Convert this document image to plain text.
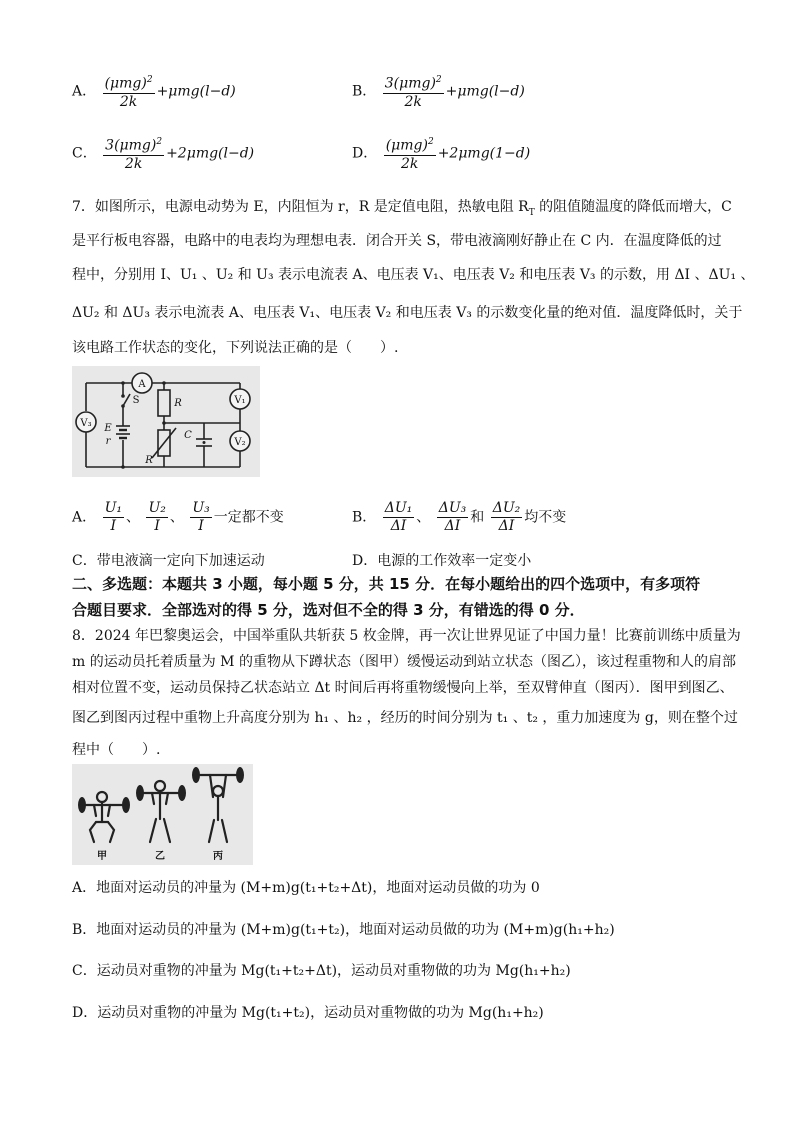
A． $\frac{(\mu mg)^2}{2k} +\mu mg(l-d)$	B． $\frac{3(\mu mg)^2}{2k} +\mu mg(l-d)$
C． $\frac{3(\mu mg)^2}{2k} +2\mu mg(l-d)$	D． $\frac{(\mu mg)^2}{2k} +2\mu mg(1-d)$
7．如图所示，电源电动势为 E，内阻恒为 r，R 是定值电阻，热敏电阻 $R_T$ 的阻值随温度的降低而增大，C
是平行板电容器，电路中的电表均为理想电表．闭合开关 S，带电液滴刚好静止在 C 内．在温度降低的过
程中，分别用 I、U₁ 、U₂ 和 U₃ 表示电流表 A、电压表 V₁、电压表 V₂ 和电压表 V₃ 的示数，用 ΔI 、ΔU₁ 、
ΔU₂ 和 ΔU₃ 表示电流表 A、电压表 V₁、电压表 V₂ 和电压表 V₃ 的示数变化量的绝对值．温度降低时，关于
该电路工作状态的变化，下列说法正确的是（　　）.
A
V₃
V₁
V₂
S
E
r
R
C
R
A． $\frac{\text{U₁}}{I}$ 、 $\frac{\text{U₂}}{I}$ 、 $\frac{\text{U₃}}{I}$ 一定都不变	B． $\frac{\text{ΔU₁}}{\Delta I}$ 、 $\frac{\text{ΔU₃}}{\Delta I}$ 和 $\frac{\text{ΔU₂}}{\Delta I}$ 均不变
C．带电液滴一定向下加速运动	D．电源的工作效率一定变小
二、多选题：本题共 3 小题，每小题 5 分，共 15 分．在每小题给出的四个选项中，有多项符
合题目要求．全部选对的得 5 分，选对但不全的得 3 分，有错选的得 0 分．
8．2024 年巴黎奥运会，中国举重队共斩获 5 枚金牌，再一次让世界见证了中国力量！比赛前训练中质量为
m 的运动员托着质量为 M 的重物从下蹲状态（图甲）缓慢运动到站立状态（图乙），该过程重物和人的肩部
相对位置不变，运动员保持乙状态站立 Δt 时间后再将重物缓慢向上举，至双臂伸直（图丙）．图甲到图乙、
图乙到图丙过程中重物上升高度分别为 h₁ 、h₂ ，经历的时间分别为 t₁ 、t₂ ，重力加速度为 g，则在整个过
程中（　　）.
甲	乙	丙
A．地面对运动员的冲量为 (M+m)g(t₁+t₂+Δt)，地面对运动员做的功为 0
B．地面对运动员的冲量为 (M+m)g(t₁+t₂)，地面对运动员做的功为 (M+m)g(h₁+h₂)
C．运动员对重物的冲量为 Mg(t₁+t₂+Δt)，运动员对重物做的功为 Mg(h₁+h₂)
D．运动员对重物的冲量为 Mg(t₁+t₂)，运动员对重物做的功为 Mg(h₁+h₂)
